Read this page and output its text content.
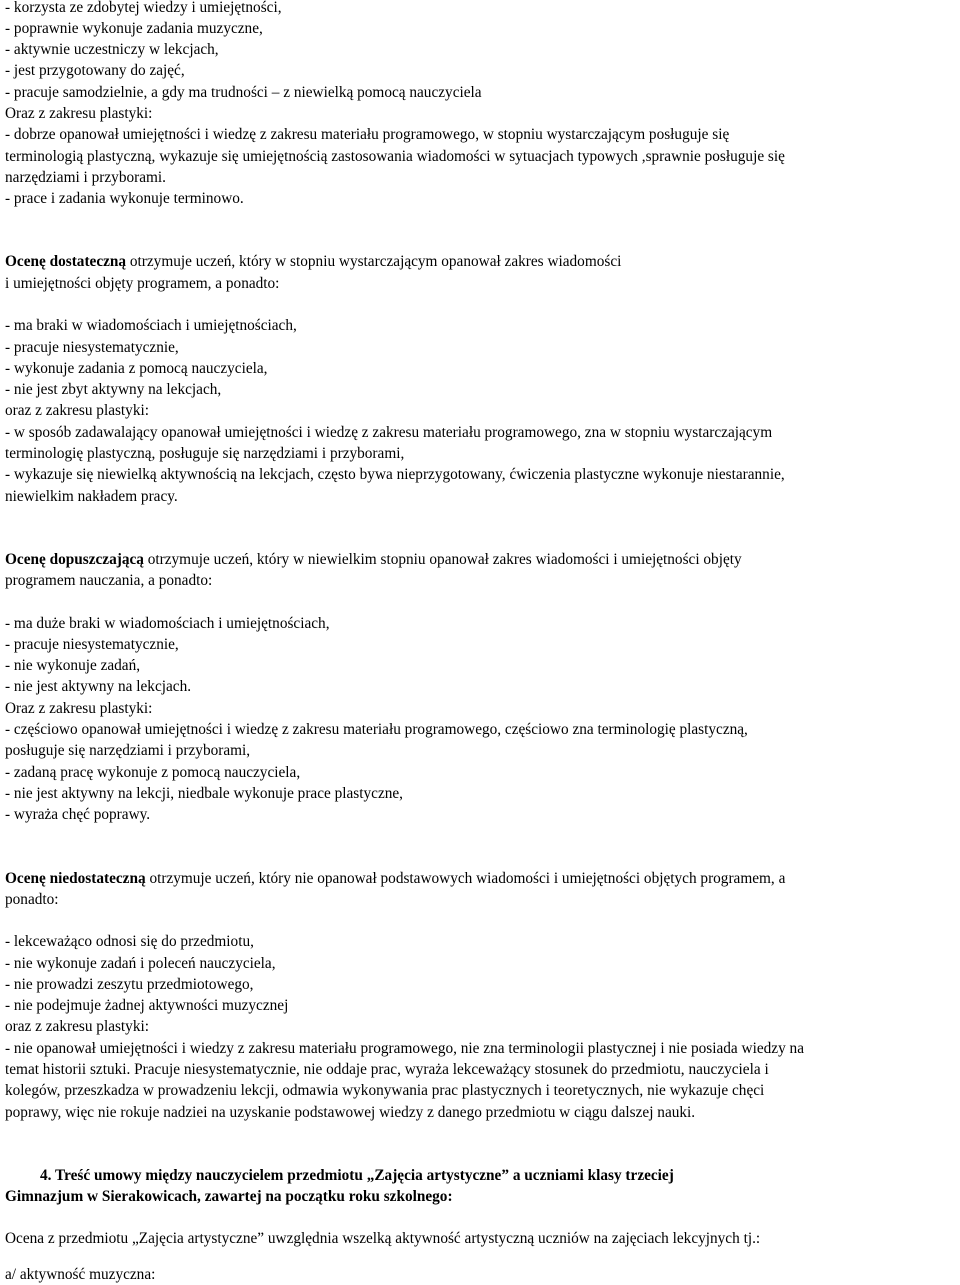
- korzysta ze zdobytej wiedzy i umiejętności,
- poprawnie wykonuje zadania muzyczne,
- aktywnie uczestniczy w lekcjach,
- jest przygotowany do zajęć,
- pracuje samodzielnie, a gdy ma trudności – z niewielką pomocą nauczyciela
Oraz z zakresu plastyki:
- dobrze opanował umiejętności i wiedzę z zakresu materiału programowego, w stopniu wystarczającym posługuje się
terminologią plastyczną, wykazuje się umiejętnością zastosowania wiadomości w sytuacjach typowych ,sprawnie posługuje się
narzędziami i przyborami.
- prace i zadania wykonuje terminowo.
Ocenę dostateczną otrzymuje uczeń, który w stopniu wystarczającym opanował zakres wiadomości
i umiejętności objęty programem, a ponadto:
- ma braki w wiadomościach i umiejętnościach,
- pracuje niesystematycznie,
- wykonuje zadania z pomocą nauczyciela,
- nie jest zbyt aktywny na lekcjach,
oraz z zakresu plastyki:
- w sposób zadawalający opanował umiejętności i wiedzę z zakresu materiału programowego, zna w stopniu wystarczającym
terminologię plastyczną, posługuje się narzędziami i przyborami,
- wykazuje się niewielką aktywnością na lekcjach, często bywa nieprzygotowany, ćwiczenia plastyczne wykonuje niestarannie,
niewielkim nakładem pracy.
Ocenę dopuszczającą otrzymuje uczeń, który w niewielkim stopniu opanował zakres wiadomości i umiejętności objęty
programem nauczania, a ponadto:
- ma duże braki w wiadomościach i umiejętnościach,
- pracuje niesystematycznie,
- nie wykonuje zadań,
- nie jest aktywny na lekcjach.
Oraz z zakresu plastyki:
- częściowo opanował umiejętności i wiedzę z zakresu materiału programowego, częściowo zna terminologię plastyczną,
posługuje się narzędziami i przyborami,
- zadaną pracę wykonuje z pomocą nauczyciela,
- nie jest aktywny na lekcji, niedbale wykonuje prace plastyczne,
- wyraża chęć poprawy.
Ocenę niedostateczną otrzymuje uczeń, który nie opanował podstawowych wiadomości i umiejętności objętych programem, a
ponadto:
- lekceważąco odnosi się do przedmiotu,
- nie wykonuje zadań i poleceń nauczyciela,
- nie prowadzi zeszytu przedmiotowego,
- nie podejmuje żadnej aktywności muzycznej
oraz z zakresu plastyki:
- nie opanował umiejętności i wiedzy z zakresu materiału programowego, nie zna terminologii plastycznej i nie posiada wiedzy na
temat historii sztuki. Pracuje niesystematycznie, nie oddaje prac, wyraża lekceważący stosunek do przedmiotu, nauczyciela i
kolegów, przeszkadza w prowadzeniu lekcji, odmawia wykonywania prac plastycznych i teoretycznych, nie wykazuje chęci
poprawy, więc nie rokuje nadziei na uzyskanie podstawowej wiedzy z danego przedmiotu w ciągu dalszej nauki.
4. Treść umowy między nauczycielem przedmiotu „Zajęcia artystyczne” a uczniami klasy trzeciej
Gimnazjum w Sierakowicach, zawartej na początku roku szkolnego:
Ocena z przedmiotu „Zajęcia artystyczne” uwzględnia wszelką aktywność artystyczną uczniów na zajęciach lekcyjnych tj.:
a/ aktywność muzyczna:
